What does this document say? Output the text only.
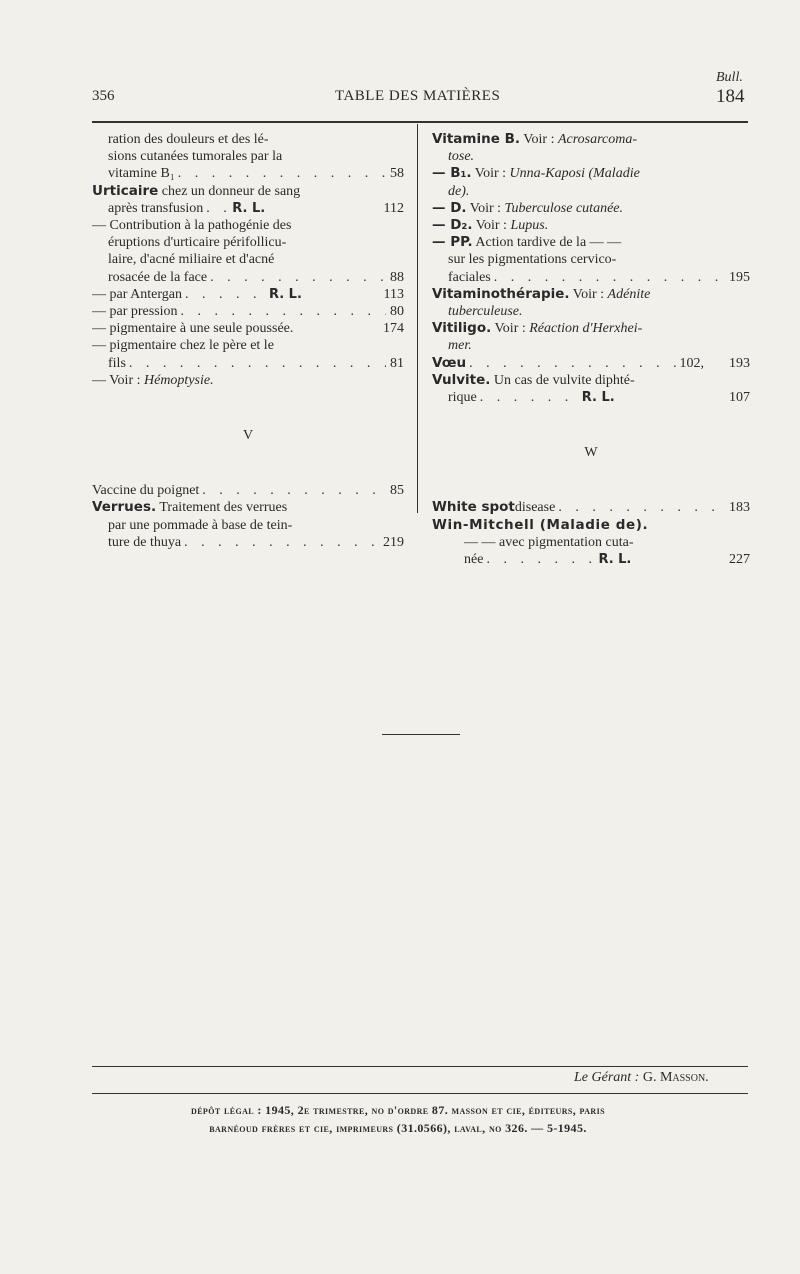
356	TABLE DES MATIÈRES
Bull.
184
ration des douleurs et des lé-
sions cutanées tumorales par la
vitamine B₁ . . .	58
Urticaire chez un donneur de sang
après transfusion . . . R. L.	112
— Contribution à la pathogénie des
éruptions d'urticaire périfollicu-
laire, d'acné miliaire et d'acné
rosacée de la face . . .	88
— par Antergan . . .	R. L.	113
— par pression . . .	80
— pigmentaire à une seule poussée.	174
— pigmentaire chez le père et le
fils . . .	81
— Voir : Hémoptysie.
V
Vaccine du poignet . . .	85
Verrues. Traitement des verrues
par une pommade à base de tein-
ture de thuya . . .	219
Vitamine B. Voir : Acrosarcoma-
tose.
— B₁. Voir : Unna-Kaposi (Maladie
de).
— D. Voir : Tuberculose cutanée.
— D₂. Voir : Lupus.
— PP. Action tardive de la — —
sur les pigmentations cervico-
faciales . . .	195
Vitaminothérapie. Voir : Adénite
tuberculeuse.
Vitiligo. Voir : Réaction d'Herxhei-
mer.
Vœu . . .	102,	193
Vulvite. Un cas de vulvite diphté-
rique . . .	R. L.	107
W
White spot disease . . .	183
Win-Mitchell (Maladie de).
— — avec pigmentation cuta-
née . . .	R. L.	227
Le Gérant : G. Masson.
dépôt légal : 1945, 2e trimestre, no d'ordre 87. masson et cie, éditeurs, paris
barnéoud frères et cie, imprimeurs (31.0566), laval, no 326. — 5-1945.
